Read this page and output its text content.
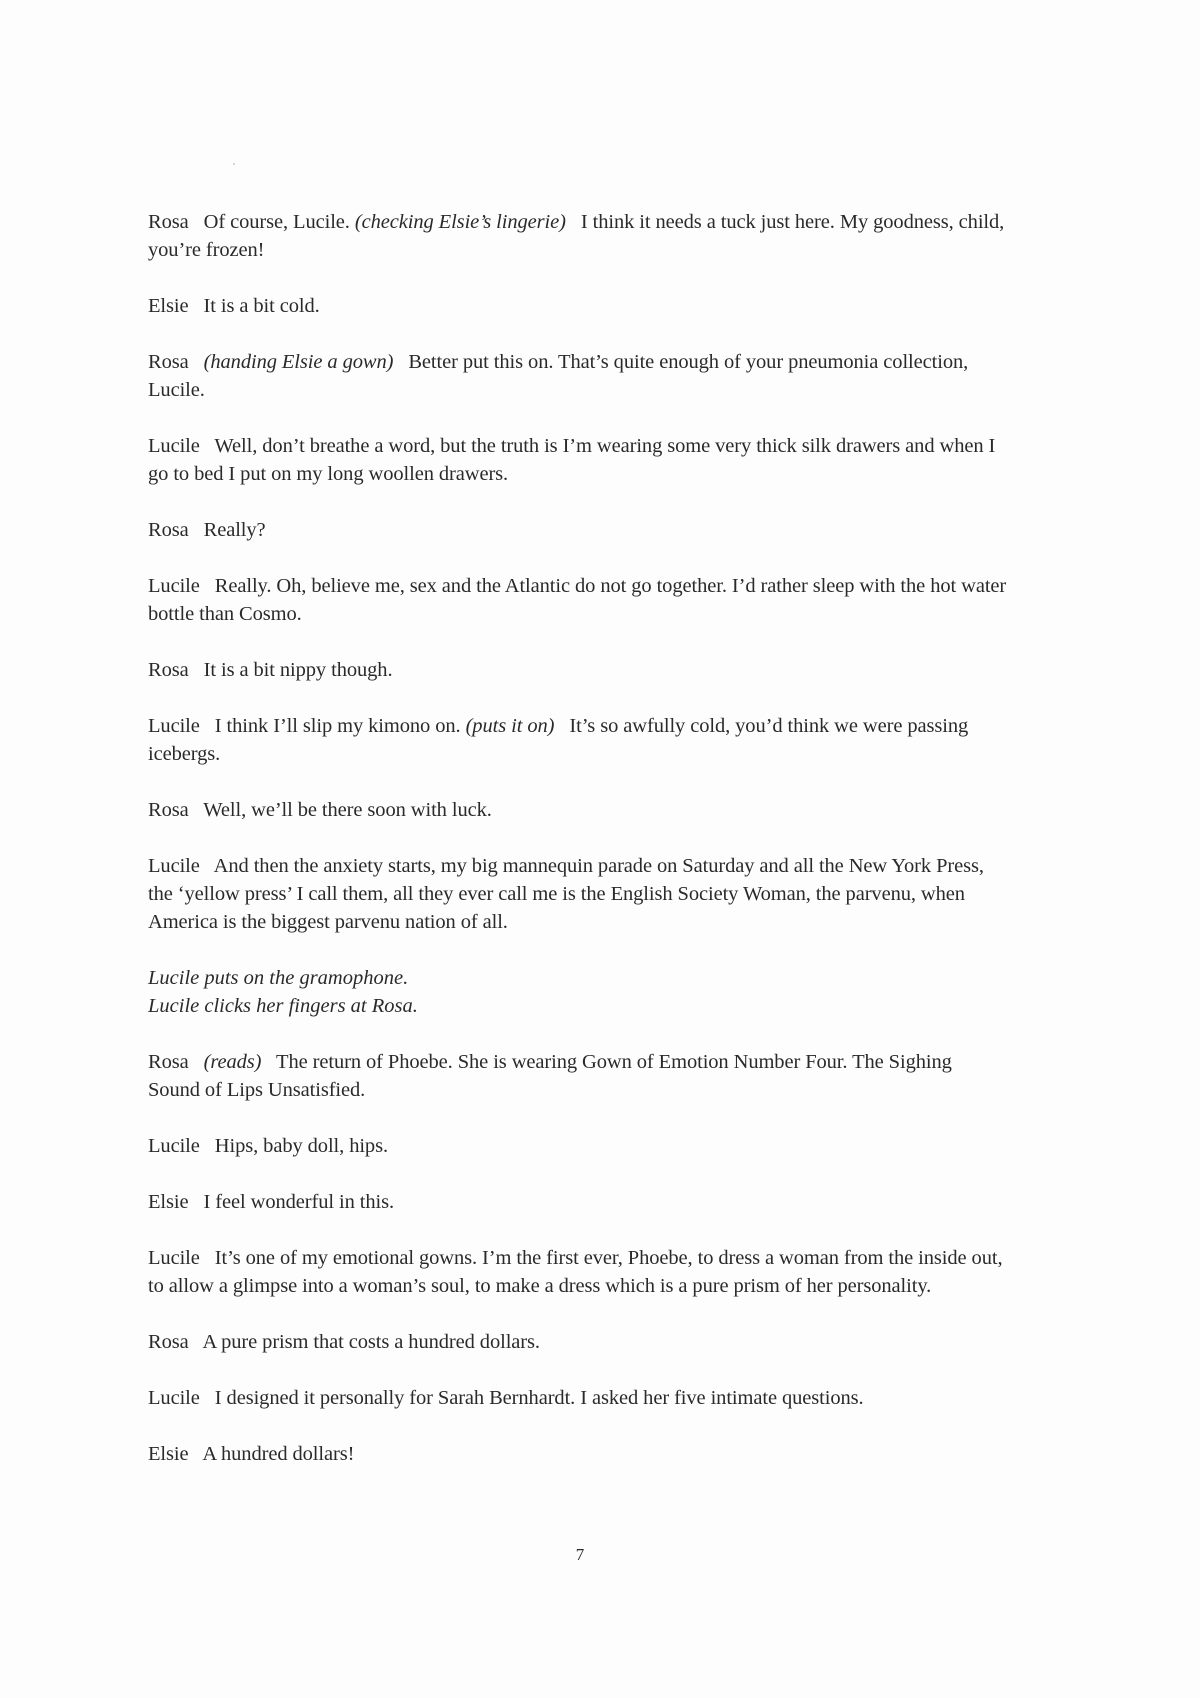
Rosa Of course, Lucile. (checking Elsie’s lingerie) I think it needs a tuck just here. My goodness, child, you’re frozen!

Elsie It is a bit cold.

Rosa (handing Elsie a gown) Better put this on. That’s quite enough of your pneumonia collection, Lucile.

Lucile Well, don’t breathe a word, but the truth is I’m wearing some very thick silk drawers and when I go to bed I put on my long woollen drawers.

Rosa Really?

Lucile Really. Oh, believe me, sex and the Atlantic do not go together. I’d rather sleep with the hot water bottle than Cosmo.

Rosa It is a bit nippy though.

Lucile I think I’ll slip my kimono on. (puts it on) It’s so awfully cold, you’d think we were passing icebergs.

Rosa Well, we’ll be there soon with luck.

Lucile And then the anxiety starts, my big mannequin parade on Saturday and all the New York Press, the ‘yellow press’ I call them, all they ever call me is the English Society Woman, the parvenu, when America is the biggest parvenu nation of all.

Lucile puts on the gramophone.
Lucile clicks her fingers at Rosa.

Rosa (reads) The return of Phoebe. She is wearing Gown of Emotion Number Four. The Sighing Sound of Lips Unsatisfied.

Lucile Hips, baby doll, hips.

Elsie I feel wonderful in this.

Lucile It’s one of my emotional gowns. I’m the first ever, Phoebe, to dress a woman from the inside out, to allow a glimpse into a woman’s soul, to make a dress which is a pure prism of her personality.

Rosa A pure prism that costs a hundred dollars.

Lucile I designed it personally for Sarah Bernhardt. I asked her five intimate questions.

Elsie A hundred dollars!

7
